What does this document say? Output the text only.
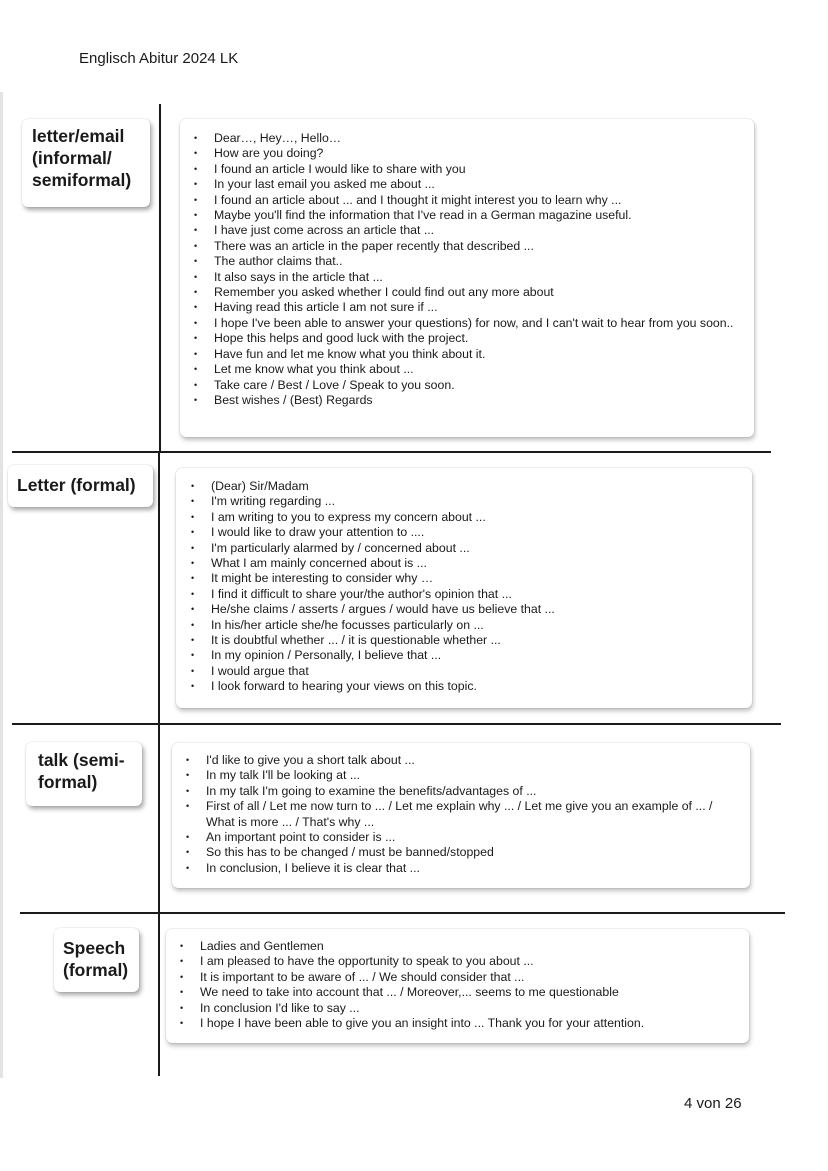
Englisch Abitur 2024 LK
letter/email
(informal/
semiformal)
• Dear…, Hey…, Hello…
• How are you doing?
• I found an article I would like to share with you
• In your last email you asked me about ...
• I found an article about ... and I thought it might interest you to learn why ...
• Maybe you'll find the information that I've read in a German magazine useful.
• I have just come across an article that ...
• There was an article in the paper recently that described ...
• The author claims that..
• It also says in the article that ...
• Remember you asked whether I could find out any more about
• Having read this article I am not sure if ...
• I hope I've been able to answer your questions) for now, and I can't wait to hear from you soon..
• Hope this helps and good luck with the project.
• Have fun and let me know what you think about it.
• Let me know what you think about ...
• Take care / Best / Love / Speak to you soon.
• Best wishes / (Best) Regards
Letter (formal)
•	(Dear) Sir/Madam
• I'm writing regarding ...
• I am writing to you to express my concern about ...
• I would like to draw your attention to ....
• I'm particularly alarmed by / concerned about ...
• What I am mainly concerned about is ...
• It might be interesting to consider why …
• I find it difficult to share your/the author's opinion that ...
• He/she claims / asserts / argues / would have us believe that ...
• In his/her article she/he focusses particularly on ...
• It is doubtful whether ... / it is questionable whether ...
• In my opinion / Personally, I believe that ...
• I would argue that
• I look forward to hearing your views on this topic.
talk (semi-
formal)
• I'd like to give you a short talk about ...
• In my talk I'll be looking at ...
• In my talk I'm going to examine the benefits/advantages of ...
• First of all / Let me now turn to ... / Let me explain why ... / Let me give you an example of ... / What is more ... / That's why ...
• An important point to consider is ...
• So this has to be changed / must be banned/stopped
• In conclusion, I believe it is clear that ...
Speech
(formal)
• Ladies and Gentlemen
• I am pleased to have the opportunity to speak to you about ...
• It is important to be aware of ... / We should consider that ...
• We need to take into account that ... / Moreover,... seems to me questionable
• In conclusion I'd like to say ...
• I hope I have been able to give you an insight into ... Thank you for your attention.
4 von 26
